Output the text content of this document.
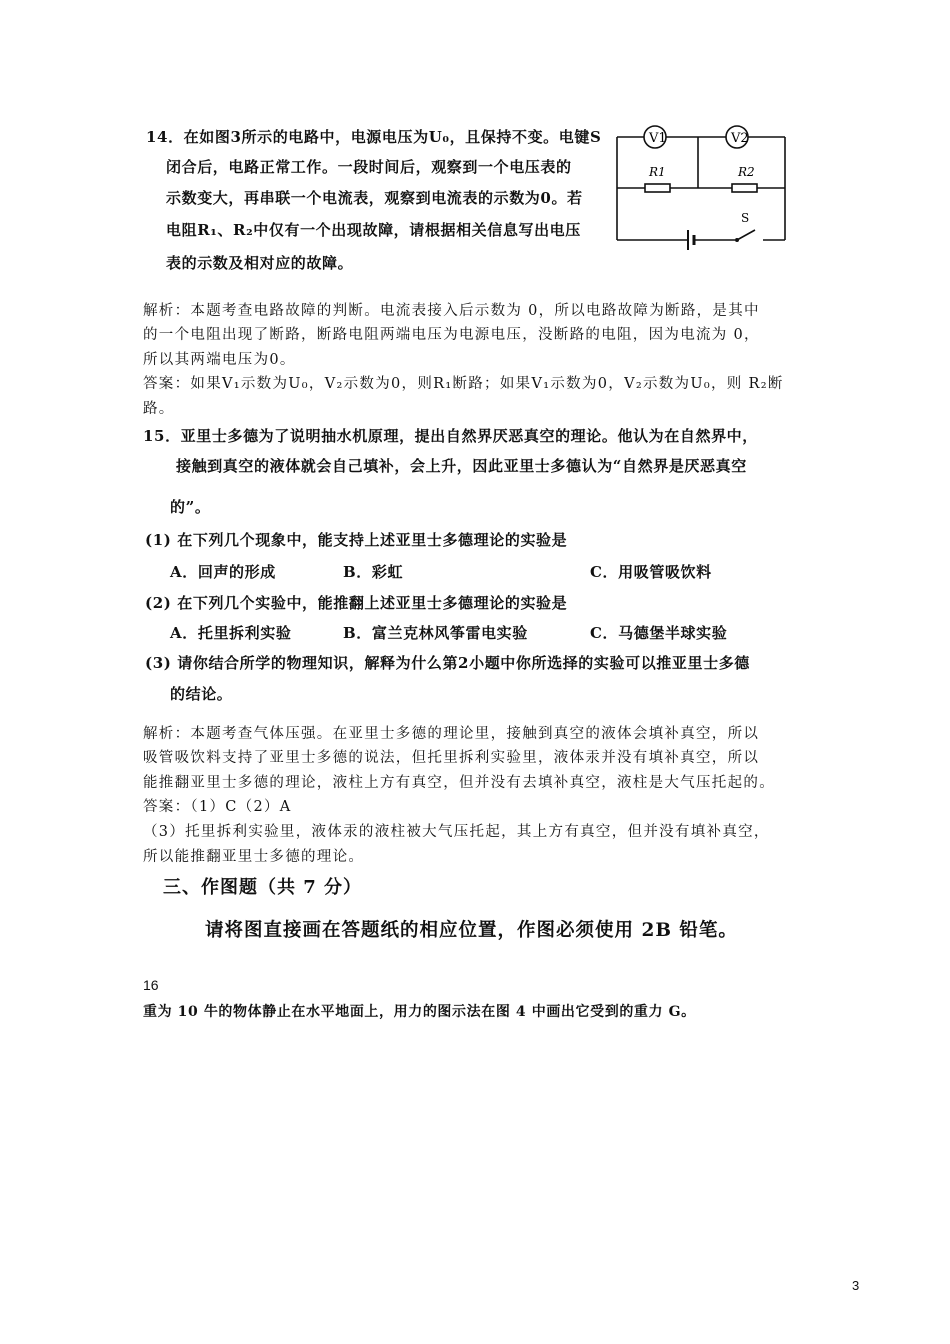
14．在如图3所示的电路中，电源电压为U₀，且保持不变。电键S
闭合后，电路正常工作。一段时间后，观察到一个电压表的
示数变大，再串联一个电流表，观察到电流表的示数为0。若
电阻R₁、R₂中仅有一个出现故障，请根据相关信息写出电压
表的示数及相对应的故障。
V1	V2
R1	R2
S
解析：本题考查电路故障的判断。电流表接入后示数为 0，所以电路故障为断路，是其中
的一个电阻出现了断路，断路电阻两端电压为电源电压，没断路的电阻，因为电流为 0，
所以其两端电压为0。
答案：如果V₁示数为U₀，V₂示数为0，则R₁断路；如果V₁示数为0，V₂示数为U₀，则 R₂断
路。
15．亚里士多德为了说明抽水机原理，提出自然界厌恶真空的理论。他认为在自然界中，
接触到真空的液体就会自己填补，会上升，因此亚里士多德认为“自然界是厌恶真空
的”。
(1) 在下列几个现象中，能支持上述亚里士多德理论的实验是
A．回声的形成	B．彩虹	C．用吸管吸饮料
(2) 在下列几个实验中，能推翻上述亚里士多德理论的实验是
A．托里拆利实验	B．富兰克林风筝雷电实验	C．马德堡半球实验
(3) 请你结合所学的物理知识，解释为什么第2小题中你所选择的实验可以推亚里士多德
的结论。
解析：本题考查气体压强。在亚里士多德的理论里，接触到真空的液体会填补真空，所以
吸管吸饮料支持了亚里士多德的说法，但托里拆利实验里，液体汞并没有填补真空，所以
能推翻亚里士多德的理论，液柱上方有真空，但并没有去填补真空，液柱是大气压托起的。
答案：（1）C（2）A
（3）托里拆利实验里，液体汞的液柱被大气压托起，其上方有真空，但并没有填补真空，
所以能推翻亚里士多德的理论。
三、作图题（共 7 分）
请将图直接画在答题纸的相应位置，作图必须使用 2B 铅笔。
16
重为 10 牛的物体静止在水平地面上，用力的图示法在图 4 中画出它受到的重力 G。
3
